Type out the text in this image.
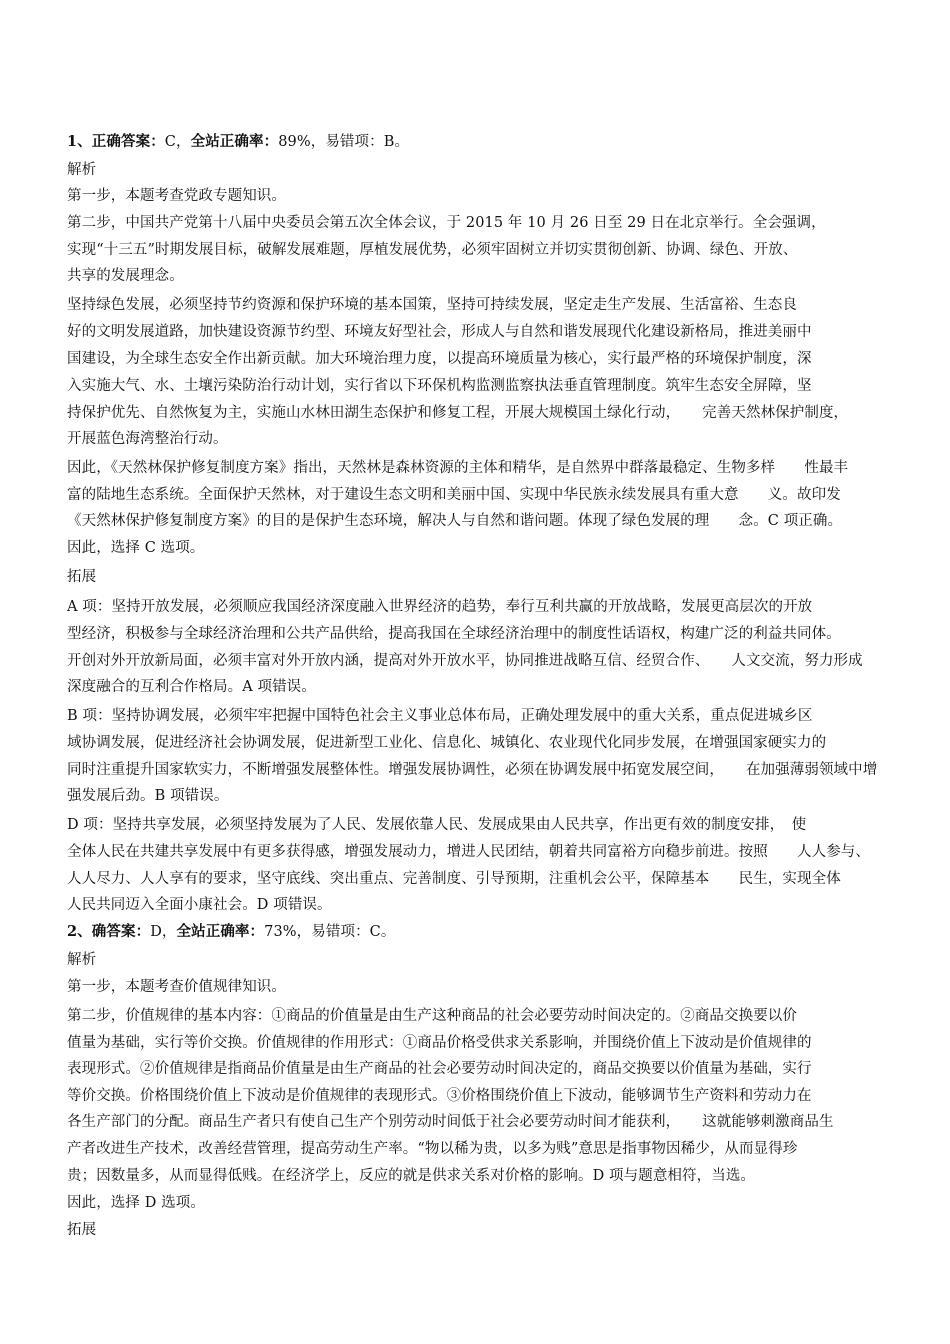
1、正确答案：C，全站正确率：89%，易错项：B。
解析
第一步，本题考查党政专题知识。
第二步，中国共产党第十八届中央委员会第五次全体会议，于 2015 年 10 月 26 日至 29 日在北京举行。全会强调，
实现“十三五”时期发展目标，破解发展难题，厚植发展优势，必须牢固树立并切实贯彻创新、协调、绿色、开放、
共享的发展理念。
坚持绿色发展，必须坚持节约资源和保护环境的基本国策，坚持可持续发展，坚定走生产发展、生活富裕、生态良
好的文明发展道路，加快建设资源节约型、环境友好型社会，形成人与自然和谐发展现代化建设新格局，推进美丽中
国建设，为全球生态安全作出新贡献。加大环境治理力度，以提高环境质量为核心，实行最严格的环境保护制度，深
入实施大气、水、土壤污染防治行动计划，实行省以下环保机构监测监察执法垂直管理制度。筑牢生态安全屏障，坚
持保护优先、自然恢复为主，实施山水林田湖生态保护和修复工程，开展大规模国土绿化行动，　　完善天然林保护制度，
开展蓝色海湾整治行动。
因此，《天然林保护修复制度方案》指出，天然林是森林资源的主体和精华，是自然界中群落最稳定、生物多样　　性最丰
富的陆地生态系统。全面保护天然林，对于建设生态文明和美丽中国、实现中华民族永续发展具有重大意　　义。故印发
《天然林保护修复制度方案》的目的是保护生态环境，解决人与自然和谐问题。体现了绿色发展的理　　念。C 项正确。
因此，选择 C 选项。
拓展
A 项：坚持开放发展，必须顺应我国经济深度融入世界经济的趋势，奉行互利共赢的开放战略，发展更高层次的开放
型经济，积极参与全球经济治理和公共产品供给，提高我国在全球经济治理中的制度性话语权，构建广泛的利益共同体。
开创对外开放新局面，必须丰富对外开放内涵，提高对外开放水平，协同推进战略互信、经贸合作、　　人文交流，努力形成
深度融合的互利合作格局。A 项错误。
B 项：坚持协调发展，必须牢牢把握中国特色社会主义事业总体布局，正确处理发展中的重大关系，重点促进城乡区
域协调发展，促进经济社会协调发展，促进新型工业化、信息化、城镇化、农业现代化同步发展，在增强国家硬实力的
同时注重提升国家软实力，不断增强发展整体性。增强发展协调性，必须在协调发展中拓宽发展空间，　　在加强薄弱领域中增
强发展后劲。B 项错误。
D 项：坚持共享发展，必须坚持发展为了人民、发展依靠人民、发展成果由人民共享，作出更有效的制度安排，　使
全体人民在共建共享发展中有更多获得感，增强发展动力，增进人民团结，朝着共同富裕方向稳步前进。按照　　人人参与、
人人尽力、人人享有的要求，坚守底线、突出重点、完善制度、引导预期，注重机会公平，保障基本　　民生，实现全体
人民共同迈入全面小康社会。D 项错误。
2、确答案：D，全站正确率：73%，易错项：C。
解析
第一步，本题考查价值规律知识。
第二步，价值规律的基本内容：①商品的价值量是由生产这种商品的社会必要劳动时间决定的。②商品交换要以价
值量为基础，实行等价交换。价值规律的作用形式：①商品价格受供求关系影响，并围绕价值上下波动是价值规律的
表现形式。②价值规律是指商品价值量是由生产商品的社会必要劳动时间决定的，商品交换要以价值量为基础，实行
等价交换。价格围绕价值上下波动是价值规律的表现形式。③价格围绕价值上下波动，能够调节生产资料和劳动力在
各生产部门的分配。商品生产者只有使自己生产个别劳动时间低于社会必要劳动时间才能获利，　　这就能够刺激商品生
产者改进生产技术，改善经营管理，提高劳动生产率。“物以稀为贵，以多为贱”意思是指事物因稀少，从而显得珍
贵；因数量多，从而显得低贱。在经济学上，反应的就是供求关系对价格的影响。D 项与题意相符，当选。
因此，选择 D 选项。
拓展
